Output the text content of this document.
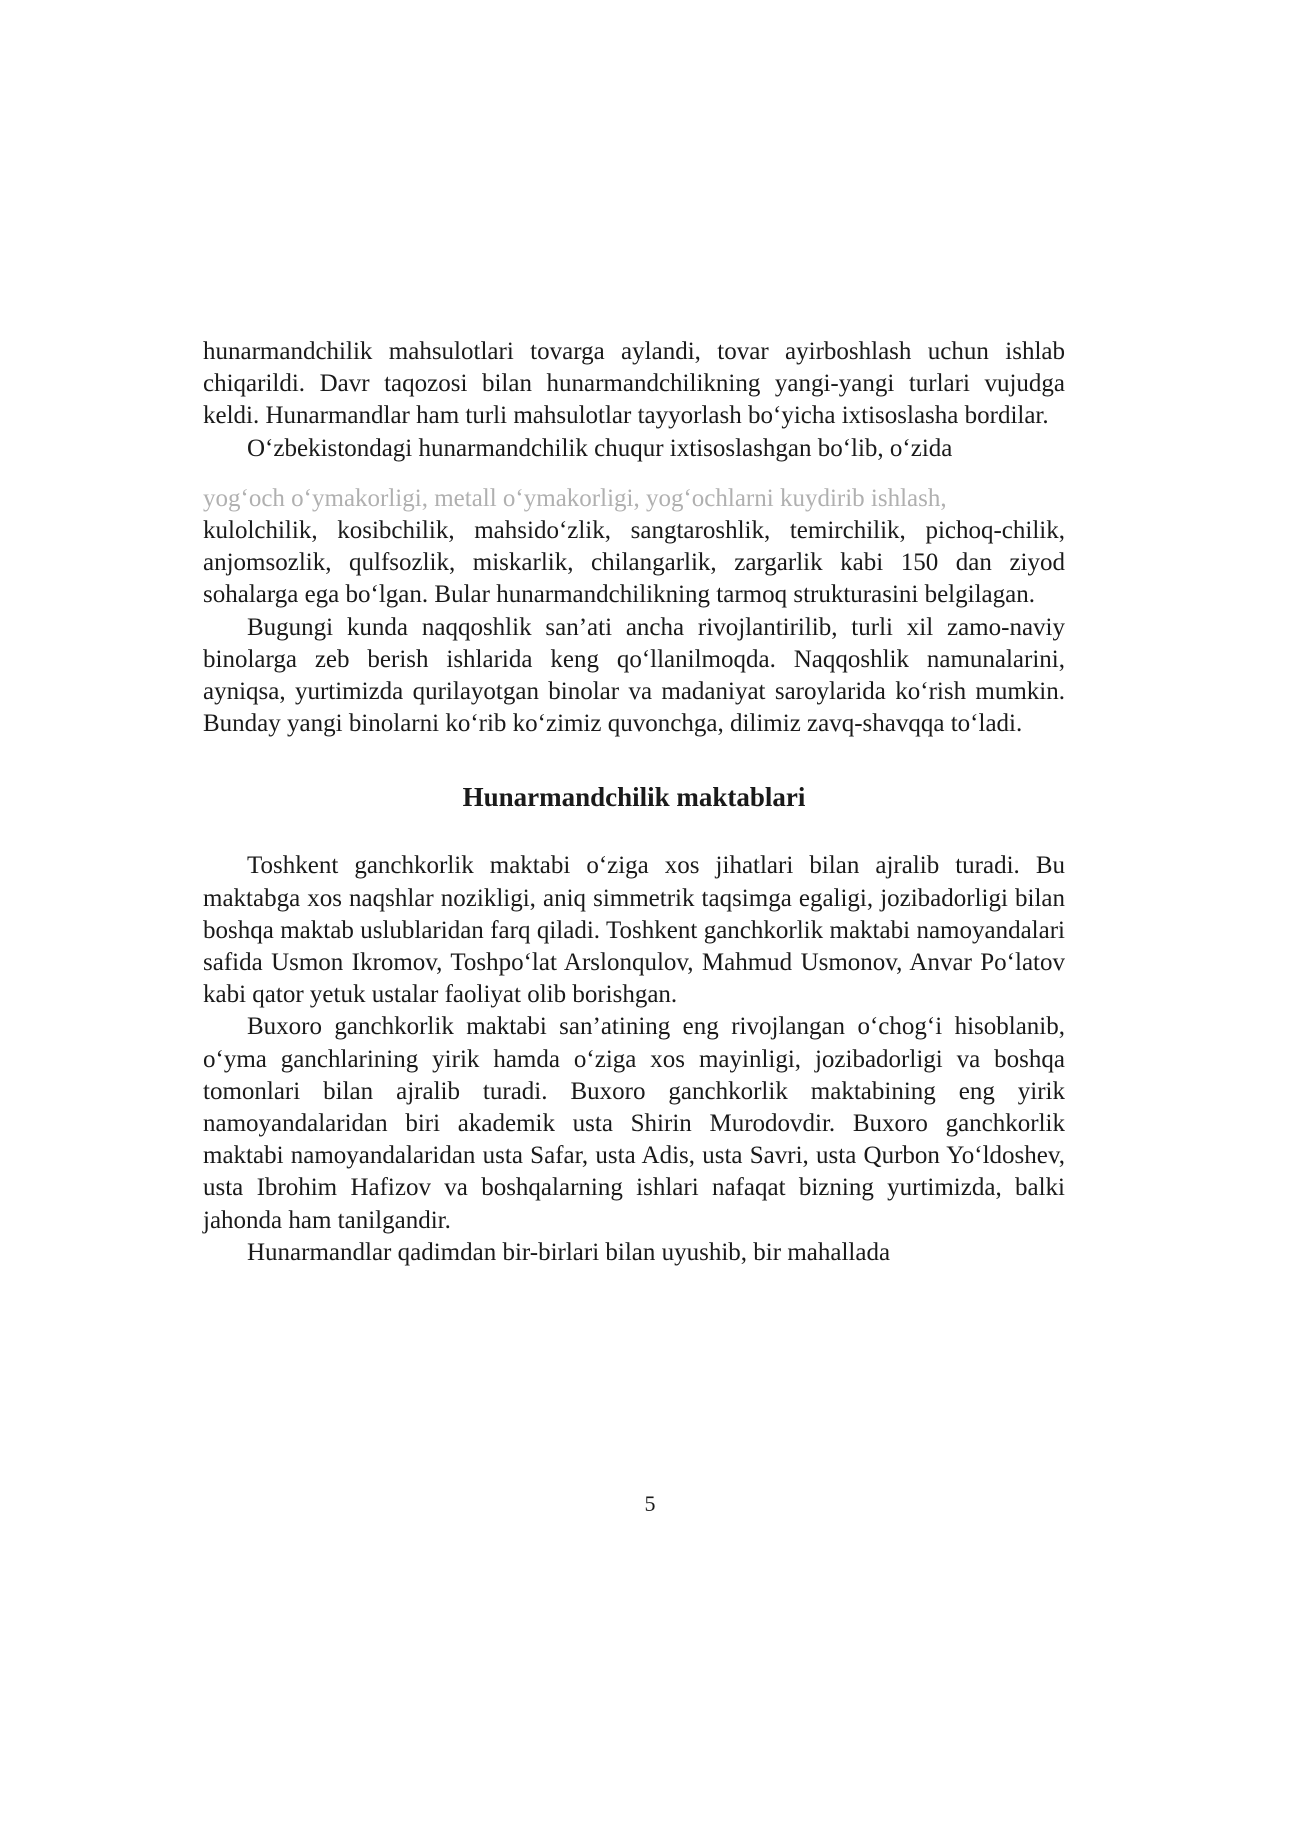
hunarmandchilik mahsulotlari tovarga aylandi, tovar ayirboshlash uchun ishlab chiqarildi. Davr taqozosi bilan hunarmandchilikning yangi-yangi turlari vujudga keldi. Hunarmandlar ham turli mahsulotlar tayyorlash bo‘yicha ixtisoslasha bordilar.

O‘zbekistondagi hunarmandchilik chuqur ixtisoslashgan bo‘lib, o‘zida

yog‘och o‘ymakorligi, metall o‘ymakorligi, yog‘ochlarni kuydirib ishlash,

kulolchilik, kosibchilik, mahsido‘zlik, sangtaroshlik, temirchilik, pichoq-chilik, anjomsozlik, qulfsozlik, miskarlik, chilangarlik, zargarlik kabi 150 dan ziyod sohalarga ega bo‘lgan. Bular hunarmandchilikning tarmoq strukturasini belgilagan.

Bugungi kunda naqqoshlik san’ati ancha rivojlantirilib, turli xil zamo-naviy binolarga zeb berish ishlarida keng qo‘llanilmoqda. Naqqoshlik namunalarini, ayniqsa, yurtimizda qurilayotgan binolar va madaniyat saroylarida ko‘rish mumkin. Bunday yangi binolarni ko‘rib ko‘zimiz quvonchga, dilimiz zavq-shavqqa to‘ladi.

Hunarmandchilik maktablari

Toshkent ganchkorlik maktabi o‘ziga xos jihatlari bilan ajralib turadi. Bu maktabga xos naqshlar nozikligi, aniq simmetrik taqsimga egaligi, jozibadorligi bilan boshqa maktab uslublaridan farq qiladi. Toshkent ganchkorlik maktabi namoyandalari safida Usmon Ikromov, Toshpo‘lat Arslonqulov, Mahmud Usmonov, Anvar Po‘latov kabi qator yetuk ustalar faoliyat olib borishgan.

Buxoro ganchkorlik maktabi san’atining eng rivojlangan o‘chog‘i hisoblanib, o‘yma ganchlarining yirik hamda o‘ziga xos mayinligi, jozibadorligi va boshqa tomonlari bilan ajralib turadi. Buxoro ganchkorlik maktabining eng yirik namoyandalaridan biri akademik usta Shirin Murodovdir. Buxoro ganchkorlik maktabi namoyandalaridan usta Safar, usta Adis, usta Savri, usta Qurbon Yo‘ldoshev, usta Ibrohim Hafizov va boshqalarning ishlari nafaqat bizning yurtimizda, balki jahonda ham tanilgandir.

Hunarmandlar qadimdan bir-birlari bilan uyushib, bir mahallada

5
